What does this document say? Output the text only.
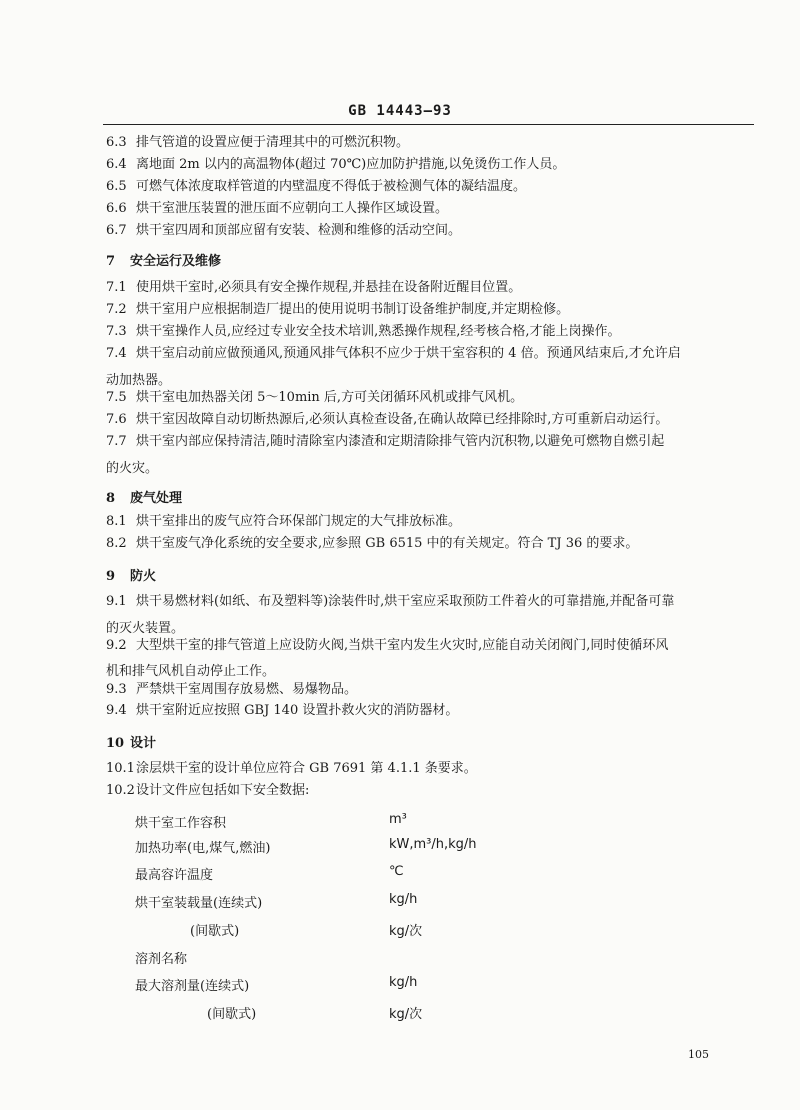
GB 14443—93
6.3 排气管道的设置应便于清理其中的可燃沉积物。
6.4 离地面 2m 以内的高温物体(超过 70℃)应加防护措施,以免烫伤工作人员。
6.5 可燃气体浓度取样管道的内壁温度不得低于被检测气体的凝结温度。
6.6 烘干室泄压装置的泄压面不应朝向工人操作区域设置。
6.7 烘干室四周和顶部应留有安装、检测和维修的活动空间。
7 安全运行及维修
7.1 使用烘干室时,必须具有安全操作规程,并悬挂在设备附近醒目位置。
7.2 烘干室用户应根据制造厂提出的使用说明书制订设备维护制度,并定期检修。
7.3 烘干室操作人员,应经过专业安全技术培训,熟悉操作规程,经考核合格,才能上岗操作。
7.4 烘干室启动前应做预通风,预通风排气体积不应少于烘干室容积的 4 倍。预通风结束后,才允许启
动加热器。
7.5 烘干室电加热器关闭 5～10min 后,方可关闭循环风机或排气风机。
7.6 烘干室因故障自动切断热源后,必须认真检查设备,在确认故障已经排除时,方可重新启动运行。
7.7 烘干室内部应保持清洁,随时清除室内漆渣和定期清除排气管内沉积物,以避免可燃物自燃引起
的火灾。
8 废气处理
8.1 烘干室排出的废气应符合环保部门规定的大气排放标准。
8.2 烘干室废气净化系统的安全要求,应参照 GB 6515 中的有关规定。符合 TJ 36 的要求。
9 防火
9.1 烘干易燃材料(如纸、布及塑料等)涂装件时,烘干室应采取预防工件着火的可靠措施,并配备可靠
的灭火装置。
9.2 大型烘干室的排气管道上应设防火阀,当烘干室内发生火灾时,应能自动关闭阀门,同时使循环风
机和排气风机自动停止工作。
9.3 严禁烘干室周围存放易燃、易爆物品。
9.4 烘干室附近应按照 GBJ 140 设置扑救火灾的消防器材。
10 设计
10.1涂层烘干室的设计单位应符合 GB 7691 第 4.1.1 条要求。
10.2设计文件应包括如下安全数据:
烘干室工作容积	m³
加热功率(电,煤气,燃油)	kW,m³/h,kg/h
最高容许温度	℃
烘干室装载量(连续式)	kg/h
(间歇式)	kg/次
溶剂名称
最大溶剂量(连续式)	kg/h
(间歇式)	kg/次
105
